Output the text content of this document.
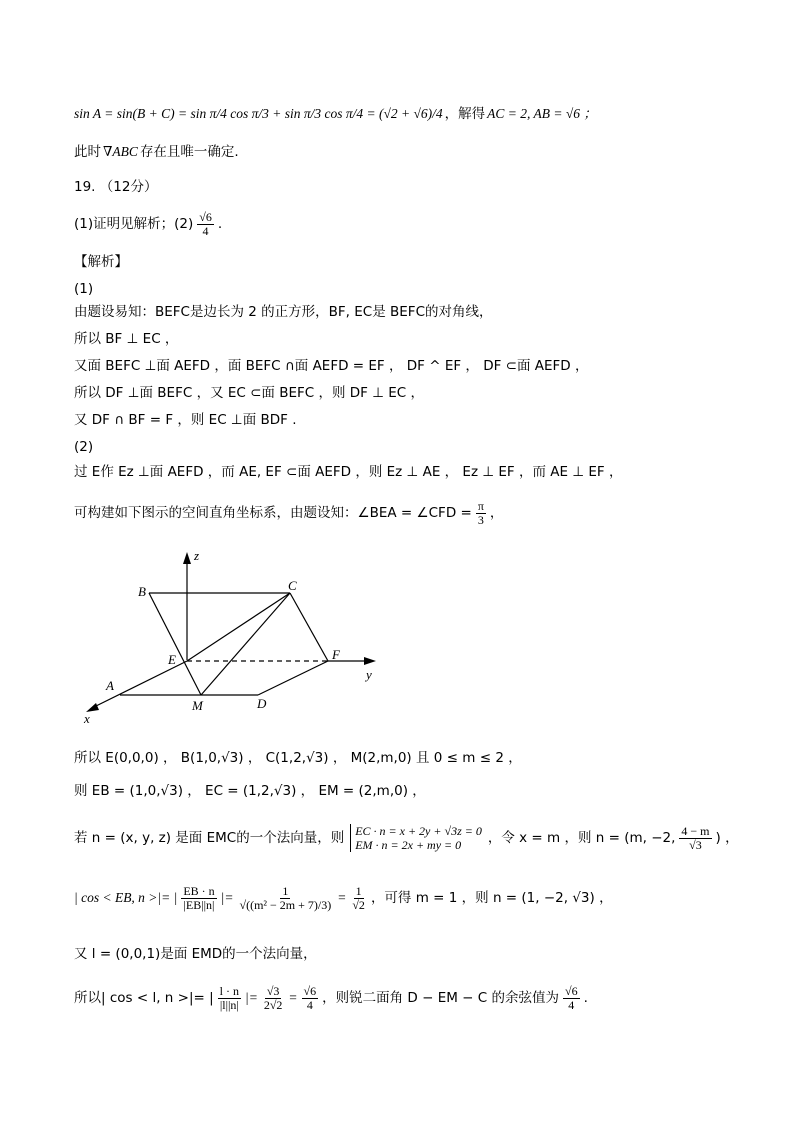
sin A = sin(B + C) = sin π/4 cos π/3 + sin π/3 cos π/4 = (√2 + √6)/4 ，解得 AC = 2, AB = √6 ；
此时 ∇ABC 存在且唯一确定.
19. （12分）
(1)证明见解析；$(2) \frac{√6}{4}$ .
【解析】
(1)
由题设易知：BEFC是边长为 2 的正方形，BF, EC是 BEFC的对角线，
所以 BF ⊥ EC ，
又面 BEFC ⊥面 AEFD ，面 BEFC ∩面 AEFD = EF ， DF ^ EF ， DF ⊂面 AEFD ，
所以 DF ⊥面 BEFC ，又 EC ⊂面 BEFC ，则 DF ⊥ EC ，
又 DF ∩ BF = F ，则 EC ⊥面 BDF .
(2)
过 E作 Ez ⊥面 AEFD ，而 AE, EF ⊂面 AEFD ，则 Ez ⊥ AE ， Ez ⊥ EF ，而 AE ⊥ EF ，
可构建如下图示的空间直角坐标系，由题设知：∠BEA = ∠CFD = $\frac{\pi}{3}$ ，
z
B	C
E	F
y
A
M	D
x
所以 E(0,0,0) ， B(1,0,√3) ， C(1,2,√3) ， M(2,m,0) 且 0 ≤ m ≤ 2 ，
则 EB = (1,0,√3) ， EC = (1,2,√3) ， EM = (2,m,0) ，
若 n = (x, y, z) 是面 EMC的一个法向量，则 EC · n = x + 2y + √3z = 0
EM · n = 2x + my = 0	，令 x = m ，则 n = (m, −2, $\frac{4 - m}{√3}$ ) ，
| cos < EB, n >|= | $\frac{EB \cdot n}{|EB||n|}$ |= $\frac{1}{\text{√((m² − 2m + 7)/3)}} = \frac{1}{√2}$ ，可得 m = 1 ，则 n = (1, −2, √3) ，
又 l = (0,0,1)是面 EMD的一个法向量，
所以| cos < l, n >|= | $\frac{l \cdot n}{|l||n|}$ |= $\frac{√3}{2√2} = \frac{√6}{4}$ ，则锐二面角 D − EM − C 的余弦值为 $\frac{√6}{4}$ .
